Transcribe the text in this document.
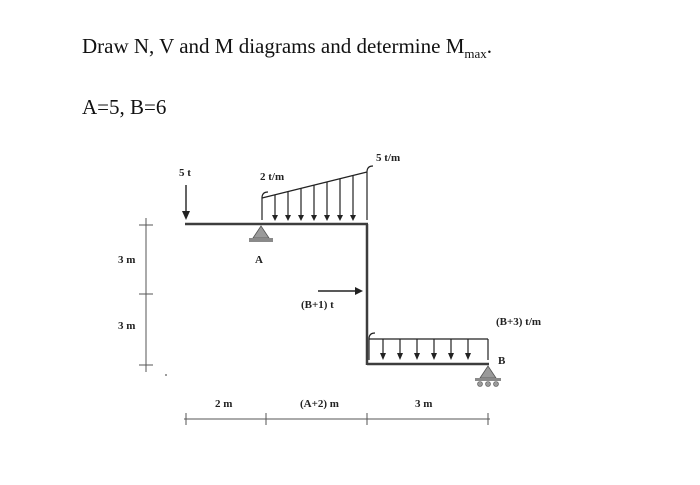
Draw N, V and M diagrams and determine $M_{max}$.
A=5, B=6
5 t	2 t/m
5 t/m
A
(B+1) t
(B+3) t/m
B
3 m
3 m
2 m	(A+2) m	3 m
